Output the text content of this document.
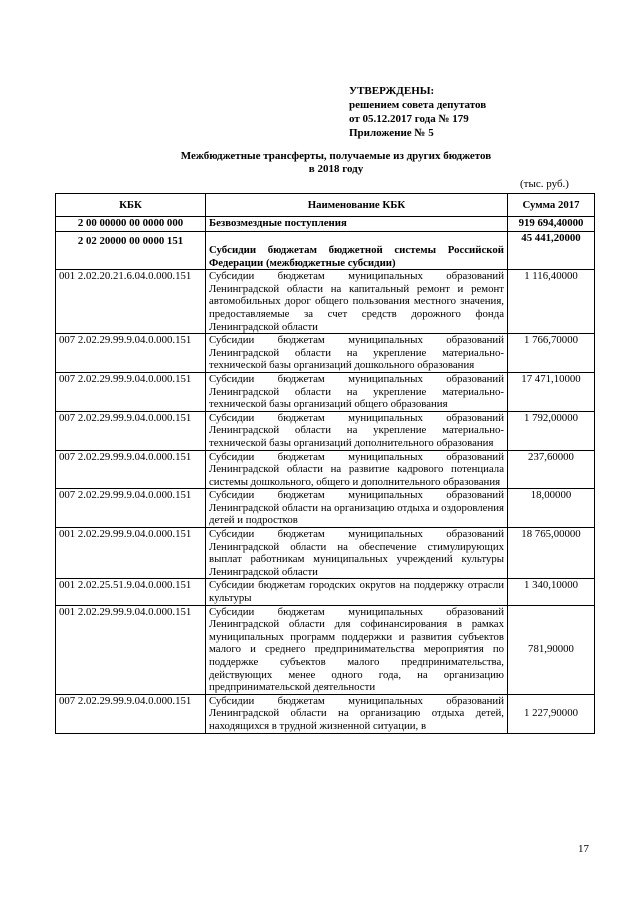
УТВЕРЖДЕНЫ:
решением совета депутатов
от 05.12.2017 года № 179
Приложение № 5
Межбюджетные трансферты, получаемые из других бюджетов
в 2018 году
(тыс. руб.)
КБК	Наименование КБК	Сумма 2017
2 00 00000 00 0000 000	Безвозмездные поступления	919 694,40000
2 02 20000 00 0000 151	Субсидии бюджетам бюджетной системы Российской Федерации (межбюджетные субсидии)	45 441,20000
001 2.02.20.21.6.04.0.000.151	Субсидии бюджетам муниципальных образований Ленинградской области на капитальный ремонт и ремонт автомобильных дорог общего пользования местного значения, предоставляемые за счет средств дорожного фонда Ленинградской области	1 116,40000
007 2.02.29.99.9.04.0.000.151	Субсидии бюджетам муниципальных образований Ленинградской области на укрепление материально-технической базы организаций дошкольного образования	1 766,70000
007 2.02.29.99.9.04.0.000.151	Субсидии бюджетам муниципальных образований Ленинградской области на укрепление материально-технической базы организаций общего образования	17 471,10000
007 2.02.29.99.9.04.0.000.151	Субсидии бюджетам муниципальных образований Ленинградской области на укрепление материально-технической базы организаций дополнительного образования	1 792,00000
007 2.02.29.99.9.04.0.000.151	Субсидии бюджетам муниципальных образований Ленинградской области на развитие кадрового потенциала системы дошкольного, общего и дополнительного образования	237,60000
007 2.02.29.99.9.04.0.000.151	Субсидии бюджетам муниципальных образований Ленинградской области на организацию отдыха и оздоровления детей и подростков	18,00000
001 2.02.29.99.9.04.0.000.151	Субсидии бюджетам муниципальных образований Ленинградской области на обеспечение стимулирующих выплат работникам муниципальных учреждений культуры Ленинградской области	18 765,00000
001 2.02.25.51.9.04.0.000.151	Субсидии бюджетам городских округов на поддержку отрасли культуры	1 340,10000
001 2.02.29.99.9.04.0.000.151	Субсидии бюджетам муниципальных образований Ленинградской области для софинансирования в рамках муниципальных программ поддержки и развития субъектов малого и среднего предпринимательства мероприятия по поддержке субъектов малого предпринимательства, действующих менее одного года, на организацию предпринимательской деятельности	781,90000
007 2.02.29.99.9.04.0.000.151	Субсидии бюджетам муниципальных образований Ленинградской области на организацию отдыха детей, находящихся в трудной жизненной ситуации, в	1 227,90000
17
